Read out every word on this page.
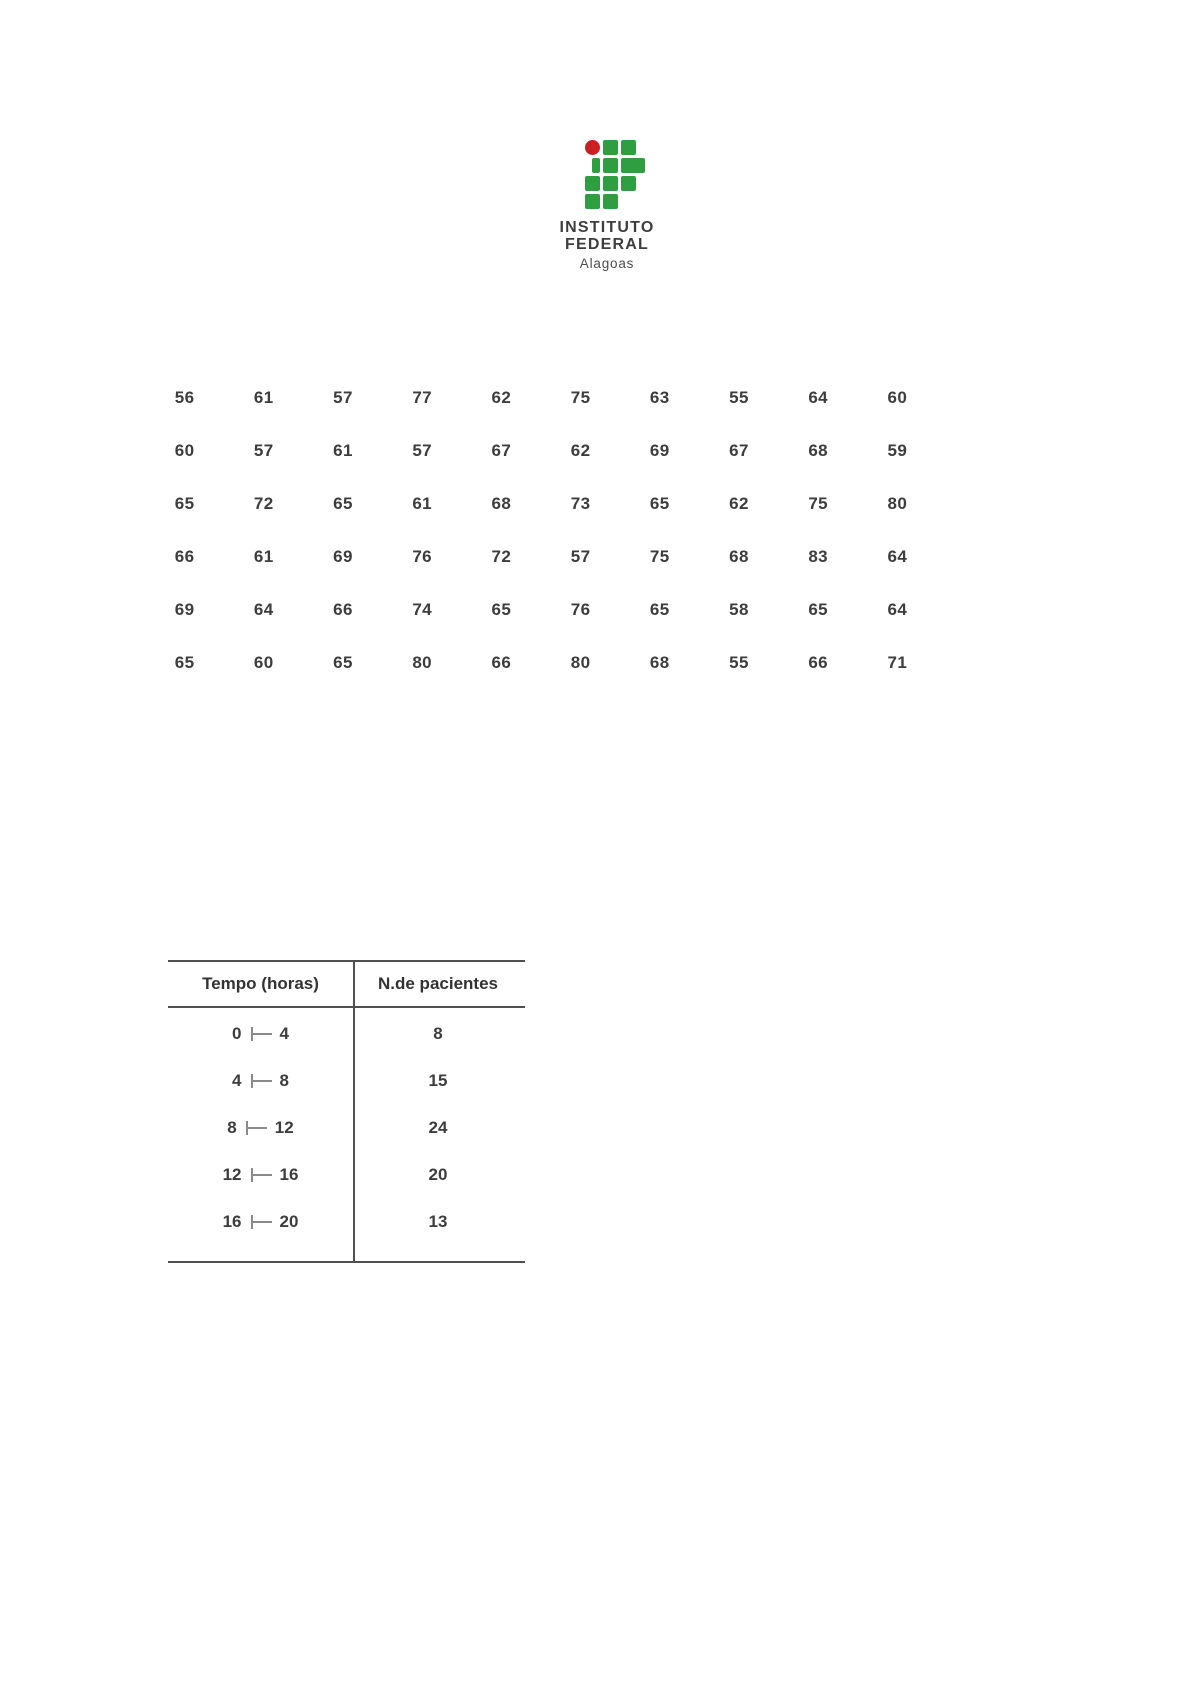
INSTITUTO
FEDERAL
Alagoas
56	61	57	77	62	75	63	55	64	60
60	57	61	57	67	62	69	67	68	59
65	72	65	61	68	73	65	62	75	80
66	61	69	76	72	57	75	68	83	64
69	64	66	74	65	76	65	58	65	64
65	60	65	80	66	80	68	55	66	71
Tempo (horas)	N.de pacientes
0 4	8
4 8	15
8 12	24
12 16	20
16 20	13
